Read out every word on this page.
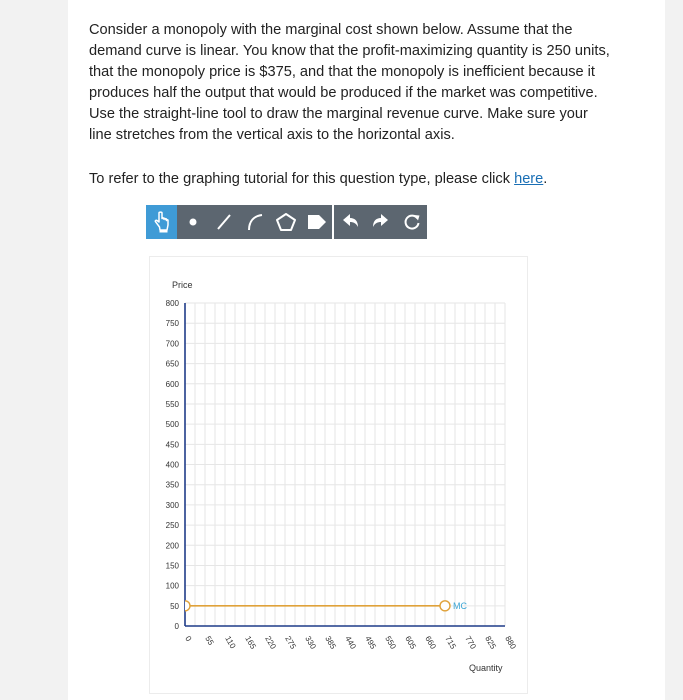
Consider a monopoly with the marginal cost shown below. Assume that the demand curve is linear. You know that the profit-maximizing quantity is 250 units, that the monopoly price is $375, and that the monopoly is inefficient because it produces half the output that would be produced if the market was competitive. Use the straight-line tool to draw the marginal revenue curve. Make sure your line stretches from the vertical axis to the horizontal axis.
To refer to the graphing tutorial for this question type, please click here.
0
50
100
150
200
250
300
350
400
450
500
550
600
650
700
750
800
0 55 110 165 220 275 330 385 440 495 550 605 660 715 770 825 880
MC
Price
Quantity
